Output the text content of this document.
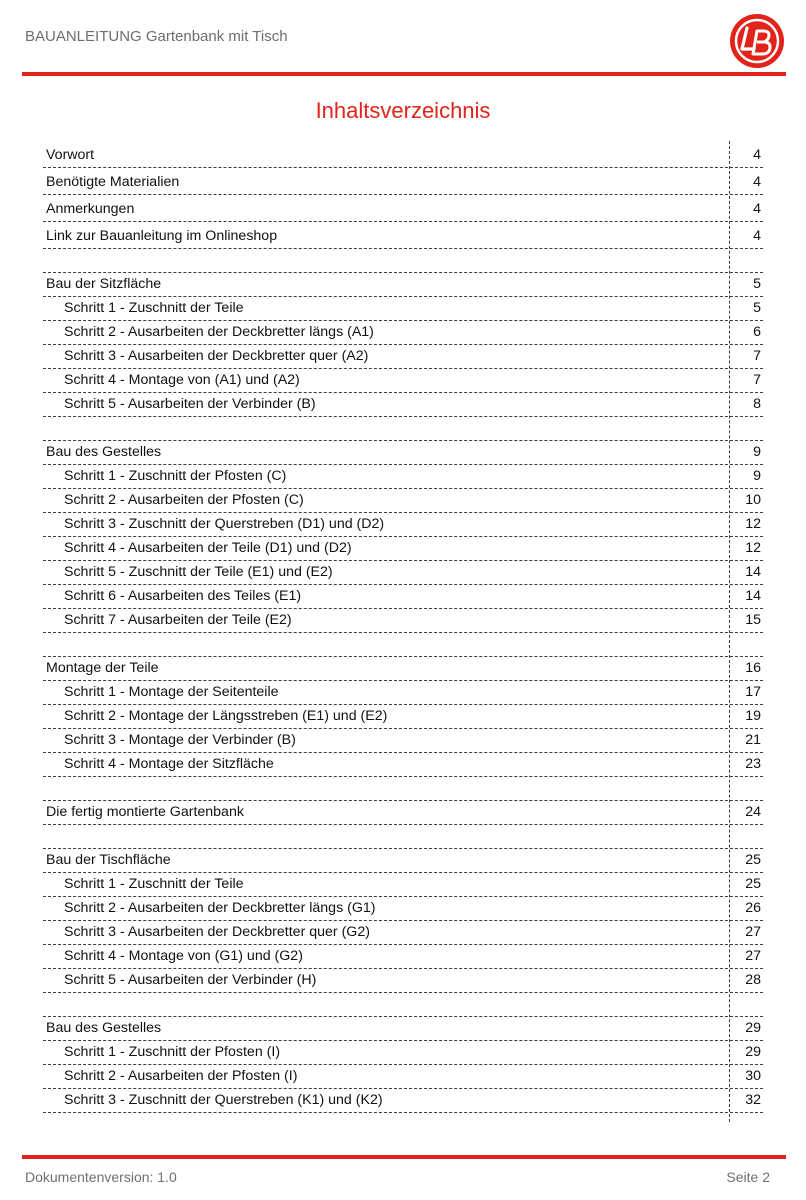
BAUANLEITUNG Gartenbank mit Tisch
Inhaltsverzeichnis
Vorwort	4
Benötigte Materialien	4
Anmerkungen	4
Link zur Bauanleitung im Onlineshop	4
Bau der Sitzfläche	5
Schritt 1 - Zuschnitt der Teile	5
Schritt 2 - Ausarbeiten der Deckbretter längs (A1)	6
Schritt 3 - Ausarbeiten der Deckbretter quer (A2)	7
Schritt 4 - Montage von (A1) und (A2)	7
Schritt 5 - Ausarbeiten der Verbinder (B)	8
Bau des Gestelles	9
Schritt 1 - Zuschnitt der Pfosten (C)	9
Schritt 2 - Ausarbeiten der Pfosten (C)	10
Schritt 3 - Zuschnitt der Querstreben (D1) und (D2)	12
Schritt 4 - Ausarbeiten der Teile (D1) und (D2)	12
Schritt 5 - Zuschnitt der Teile (E1) und (E2)	14
Schritt 6 - Ausarbeiten des Teiles (E1)	14
Schritt 7 - Ausarbeiten der Teile (E2)	15
Montage der Teile	16
Schritt 1 - Montage der Seitenteile	17
Schritt 2 - Montage der Längsstreben (E1) und (E2)	19
Schritt 3 - Montage der Verbinder (B)	21
Schritt 4 - Montage der Sitzfläche	23
Die fertig montierte Gartenbank	24
Bau der Tischfläche	25
Schritt 1 - Zuschnitt der Teile	25
Schritt 2 - Ausarbeiten der Deckbretter längs (G1)	26
Schritt 3 - Ausarbeiten der Deckbretter quer (G2)	27
Schritt 4 - Montage von (G1) und (G2)	27
Schritt 5 - Ausarbeiten der Verbinder (H)	28
Bau des Gestelles	29
Schritt 1 - Zuschnitt der Pfosten (I)	29
Schritt 2 - Ausarbeiten der Pfosten (I)	30
Schritt 3 - Zuschnitt der Querstreben (K1) und (K2)	32
Dokumentenversion: 1.0	Seite 2
